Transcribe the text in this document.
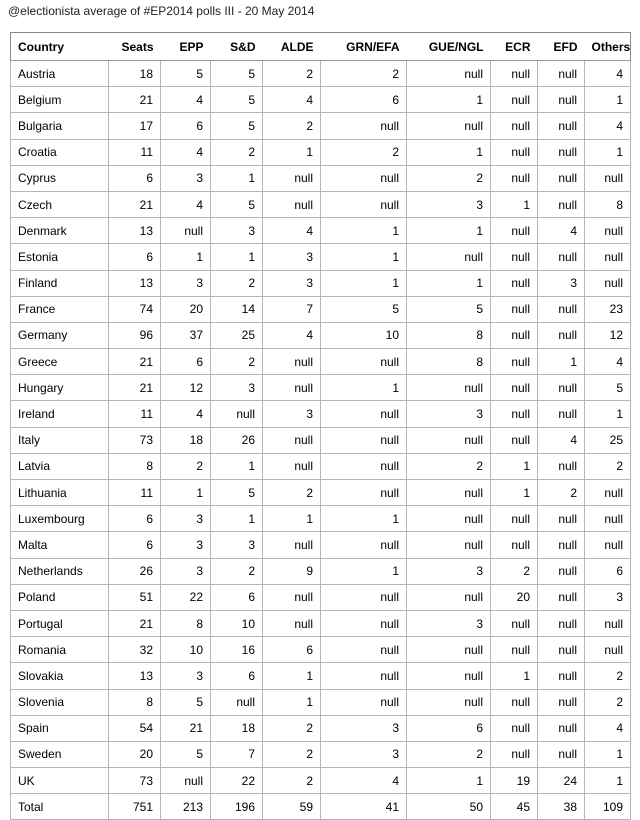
@electionista average of #EP2014 polls III - 20 May 2014
Country	Seats	EPP	S&D	ALDE	GRN/EFA	GUE/NGL	ECR	EFD	Others
Austria	18	5	5	2	2	null	null	null	4
Belgium	21	4	5	4	6	1	null	null	1
Bulgaria	17	6	5	2	null	null	null	null	4
Croatia	11	4	2	1	2	1	null	null	1
Cyprus	6	3	1	null	null	2	null	null	null
Czech	21	4	5	null	null	3	1	null	8
Denmark	13	null	3	4	1	1	null	4	null
Estonia	6	1	1	3	1	null	null	null	null
Finland	13	3	2	3	1	1	null	3	null
France	74	20	14	7	5	5	null	null	23
Germany	96	37	25	4	10	8	null	null	12
Greece	21	6	2	null	null	8	null	1	4
Hungary	21	12	3	null	1	null	null	null	5
Ireland	11	4	null	3	null	3	null	null	1
Italy	73	18	26	null	null	null	null	4	25
Latvia	8	2	1	null	null	2	1	null	2
Lithuania	11	1	5	2	null	null	1	2	null
Luxembourg	6	3	1	1	1	null	null	null	null
Malta	6	3	3	null	null	null	null	null	null
Netherlands	26	3	2	9	1	3	2	null	6
Poland	51	22	6	null	null	null	20	null	3
Portugal	21	8	10	null	null	3	null	null	null
Romania	32	10	16	6	null	null	null	null	null
Slovakia	13	3	6	1	null	null	1	null	2
Slovenia	8	5	null	1	null	null	null	null	2
Spain	54	21	18	2	3	6	null	null	4
Sweden	20	5	7	2	3	2	null	null	1
UK	73	null	22	2	4	1	19	24	1
Total	751	213	196	59	41	50	45	38	109
